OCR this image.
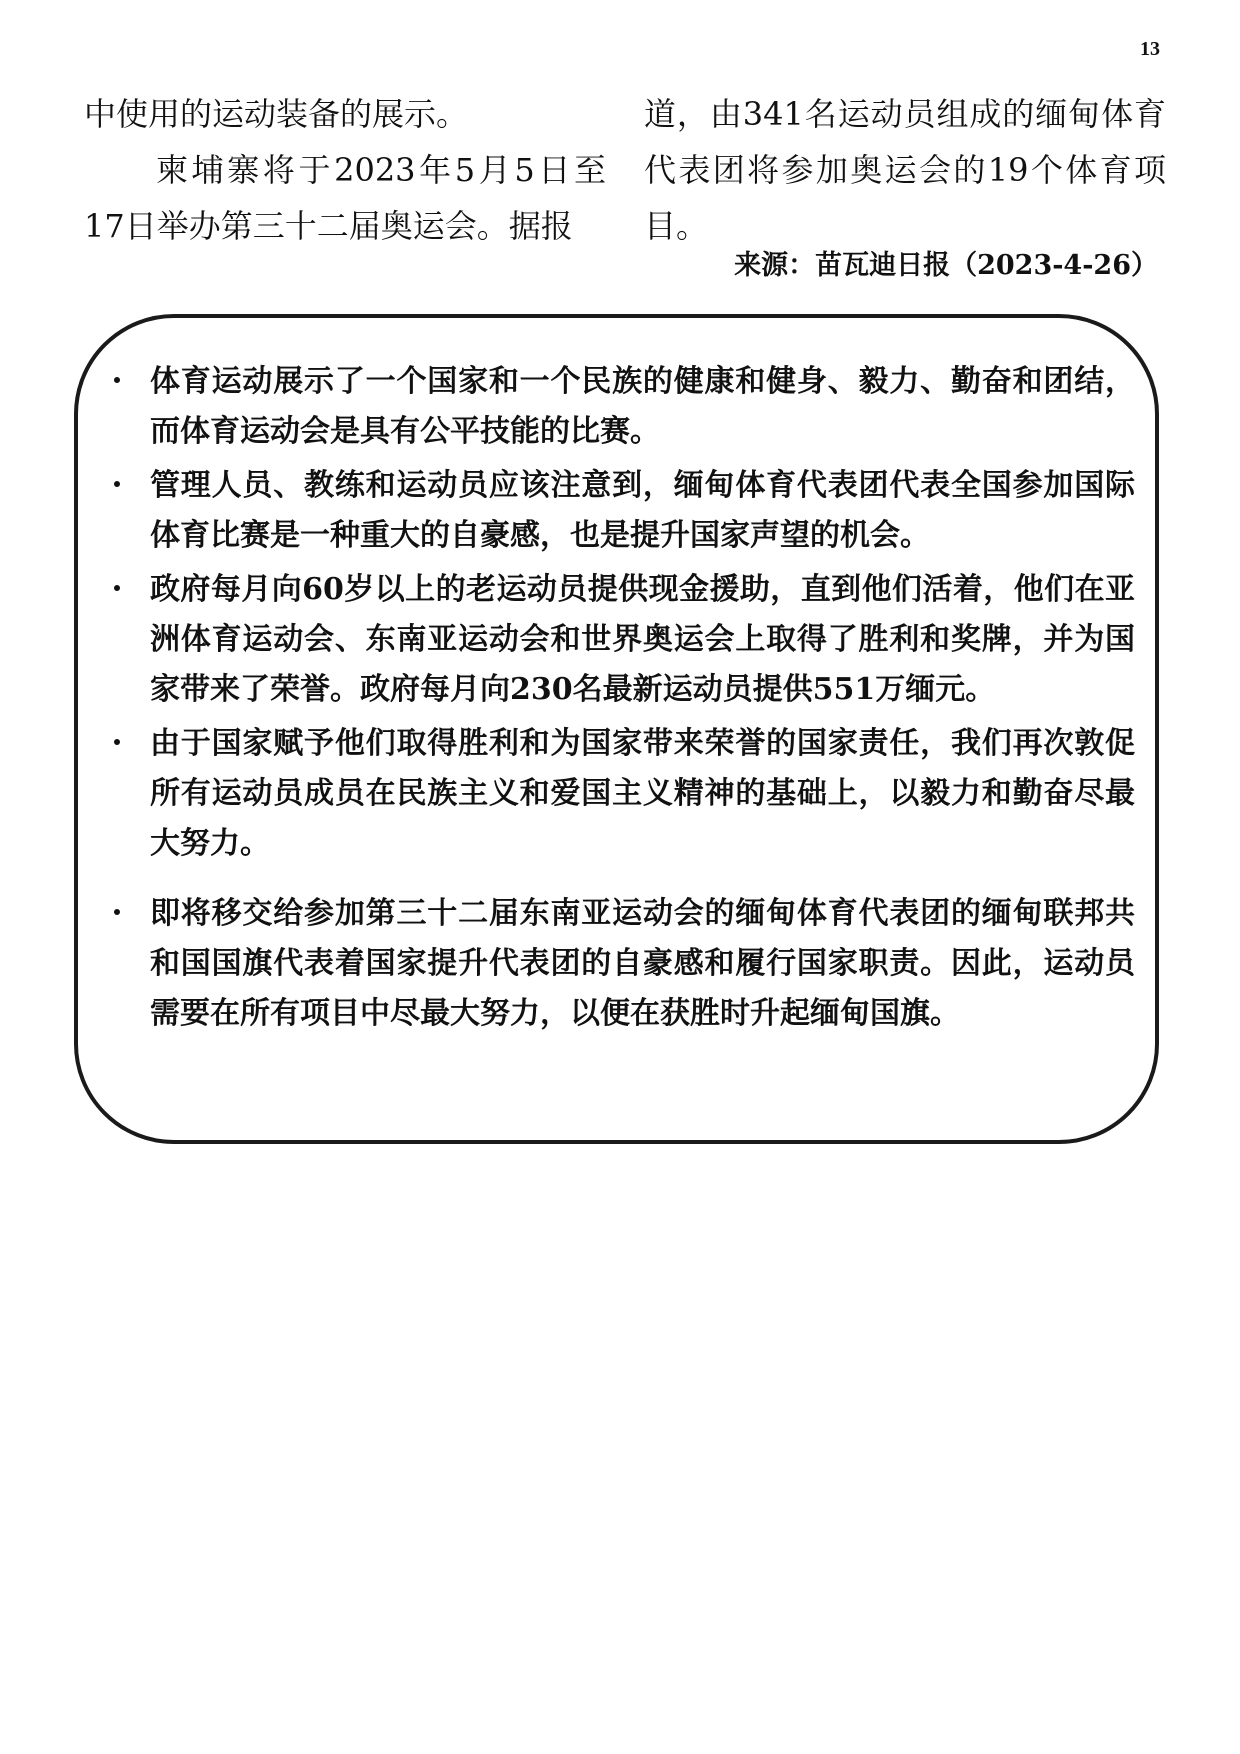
13

中使用的运动装备的展示。

柬埔寨将于2023年5月5日至17日举办第三十二届奥运会。据报

道，由341名运动员组成的缅甸体育代表团将参加奥运会的19个体育项目。
来源：苗瓦迪日报（2023-4-26）
体育运动展示了一个国家和一个民族的健康和健身、毅力、勤奋和团结，而体育运动会是具有公平技能的比赛。
管理人员、教练和运动员应该注意到，缅甸体育代表团代表全国参加国际体育比赛是一种重大的自豪感，也是提升国家声望的机会。
政府每月向60岁以上的老运动员提供现金援助，直到他们活着，他们在亚洲体育运动会、东南亚运动会和世界奥运会上取得了胜利和奖牌，并为国家带来了荣誉。政府每月向230名最新运动员提供551万缅元。
由于国家赋予他们取得胜利和为国家带来荣誉的国家责任，我们再次敦促所有运动员成员在民族主义和爱国主义精神的基础上，以毅力和勤奋尽最大努力。
即将移交给参加第三十二届东南亚运动会的缅甸体育代表团的缅甸联邦共和国国旗代表着国家提升代表团的自豪感和履行国家职责。因此，运动员需要在所有项目中尽最大努力，以便在获胜时升起缅甸国旗。
